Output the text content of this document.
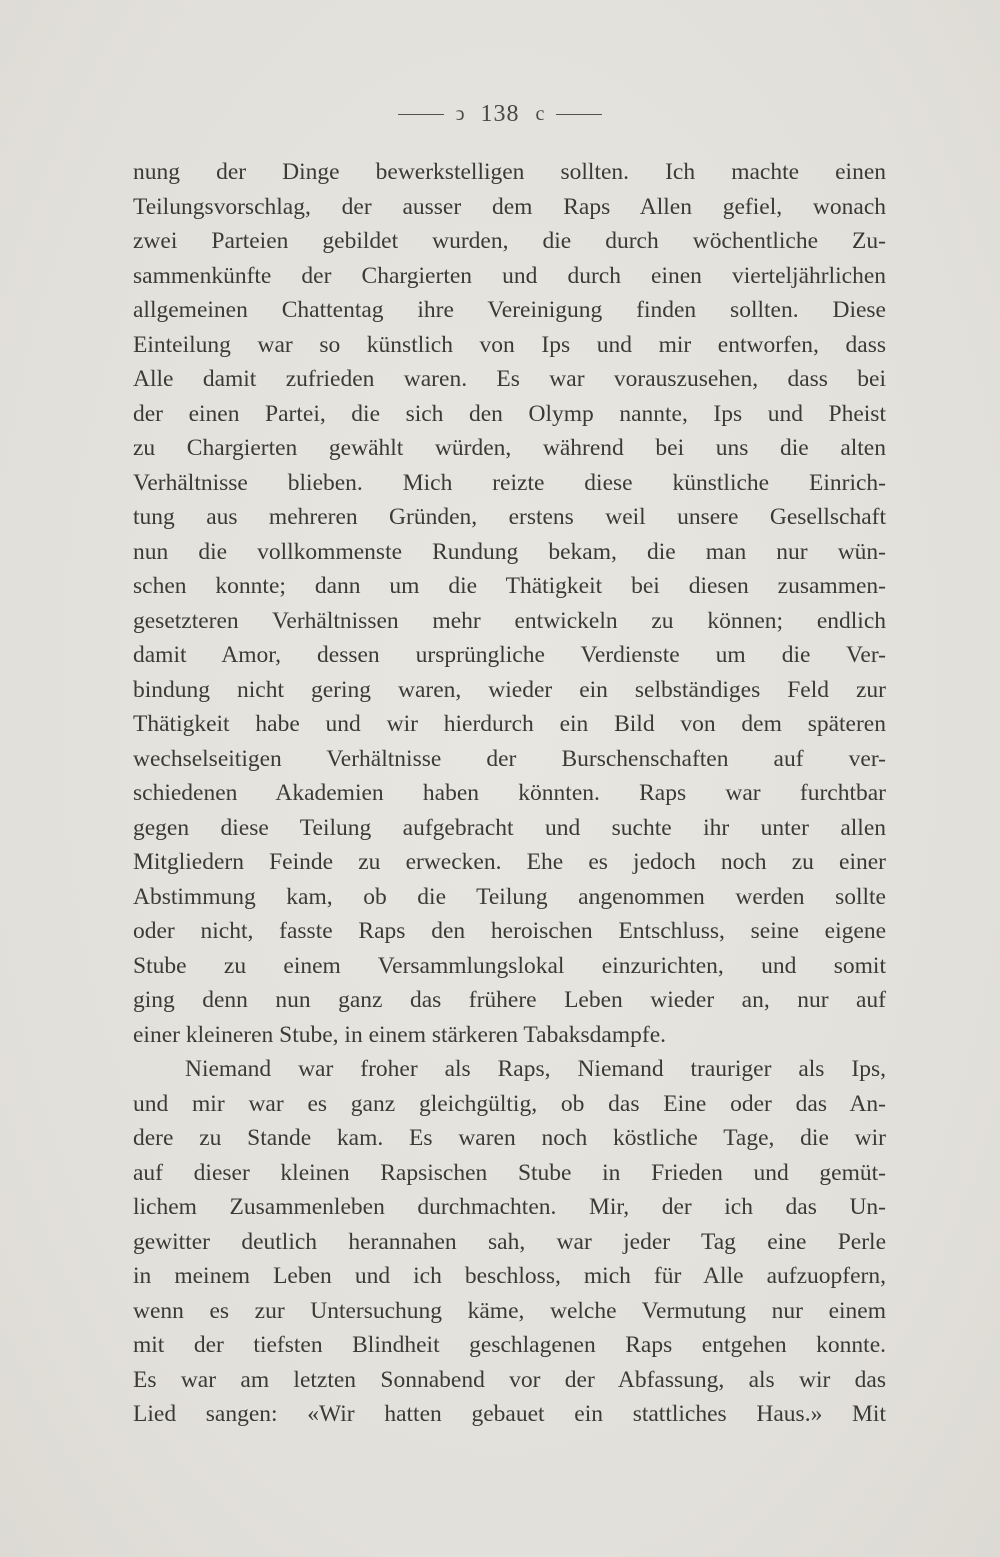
ↄ 138 c
nung der Dinge bewerkstelligen sollten. Ich machte einen
Teilungsvorschlag, der ausser dem Raps Allen gefiel, wonach
zwei Parteien gebildet wurden, die durch wöchentliche Zu-
sammenkünfte der Chargierten und durch einen vierteljährlichen
allgemeinen Chattentag ihre Vereinigung finden sollten. Diese
Einteilung war so künstlich von Ips und mir entworfen, dass
Alle damit zufrieden waren. Es war vorauszusehen, dass bei
der einen Partei, die sich den Olymp nannte, Ips und Pheist
zu Chargierten gewählt würden, während bei uns die alten
Verhältnisse blieben. Mich reizte diese künstliche Einrich-
tung aus mehreren Gründen, erstens weil unsere Gesellschaft
nun die vollkommenste Rundung bekam, die man nur wün-
schen konnte; dann um die Thätigkeit bei diesen zusammen-
gesetzteren Verhältnissen mehr entwickeln zu können; endlich
damit Amor, dessen ursprüngliche Verdienste um die Ver-
bindung nicht gering waren, wieder ein selbständiges Feld zur
Thätigkeit habe und wir hierdurch ein Bild von dem späteren
wechselseitigen Verhältnisse der Burschenschaften auf ver-
schiedenen Akademien haben könnten. Raps war furchtbar
gegen diese Teilung aufgebracht und suchte ihr unter allen
Mitgliedern Feinde zu erwecken. Ehe es jedoch noch zu einer
Abstimmung kam, ob die Teilung angenommen werden sollte
oder nicht, fasste Raps den heroischen Entschluss, seine eigene
Stube zu einem Versammlungslokal einzurichten, und somit
ging denn nun ganz das frühere Leben wieder an, nur auf
einer kleineren Stube, in einem stärkeren Tabaksdampfe.
Niemand war froher als Raps, Niemand trauriger als Ips,
und mir war es ganz gleichgültig, ob das Eine oder das An-
dere zu Stande kam. Es waren noch köstliche Tage, die wir
auf dieser kleinen Rapsischen Stube in Frieden und gemüt-
lichem Zusammenleben durchmachten. Mir, der ich das Un-
gewitter deutlich herannahen sah, war jeder Tag eine Perle
in meinem Leben und ich beschloss, mich für Alle aufzuopfern,
wenn es zur Untersuchung käme, welche Vermutung nur einem
mit der tiefsten Blindheit geschlagenen Raps entgehen konnte.
Es war am letzten Sonnabend vor der Abfassung, als wir das
Lied sangen: «Wir hatten gebauet ein stattliches Haus.» Mit
